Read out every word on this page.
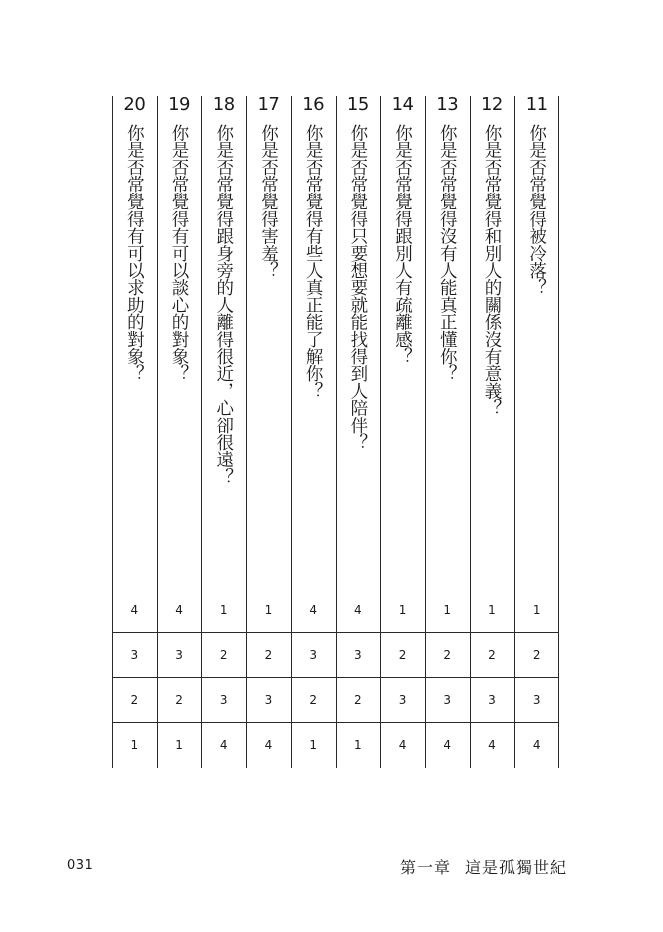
20
你是否常覺得有可以求助的對象？
4
3
2
1
19
你是否常覺得有可以談心的對象？
4
3
2
1
18
你是否常覺得跟身旁的人離得很近，心卻很遠？
1
2
3
4
17
你是否常覺得害羞？
1
2
3
4
16
你是否常覺得有些人真正能了解你？
4
3
2
1
15
你是否常覺得只要想要就能找得到人陪伴？
4
3
2
1
14
你是否常覺得跟別人有疏離感？
1
2
3
4
13
你是否常覺得沒有人能真正懂你？
1
2
3
4
12
你是否常覺得和別人的關係沒有意義？
1
2
3
4
11
你是否常覺得被冷落？
1
2
3
4
031	第一章 這是孤獨世紀
